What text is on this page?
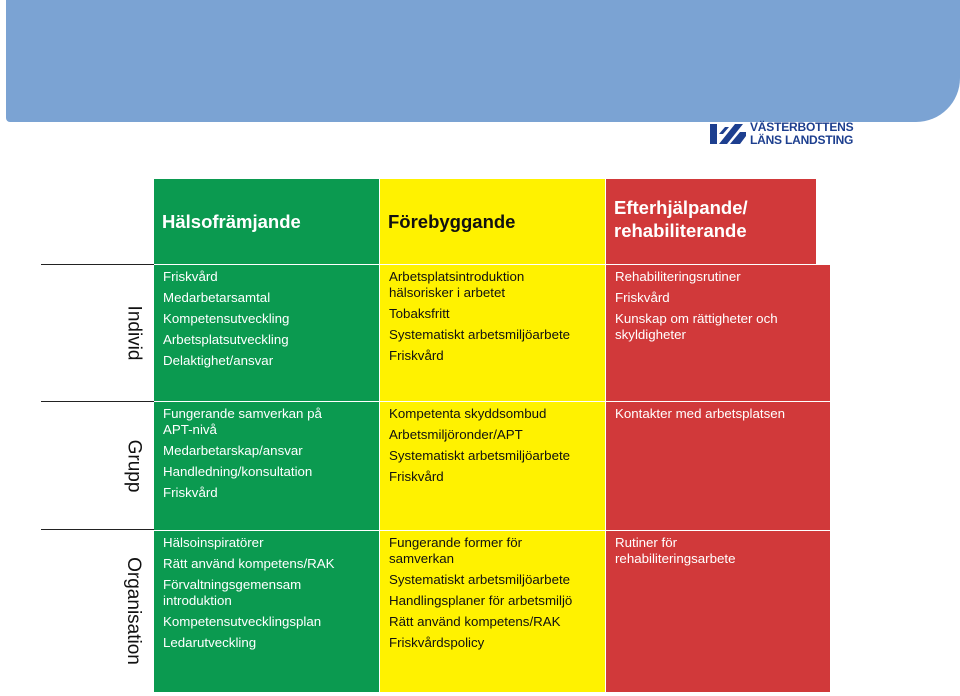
VÄSTERBOTTENS
LÄNS LANDSTING
Individ
Grupp
Organisation
Hälsofrämjande	Förebyggande
Efterhjälpande/ rehabiliterande
Friskvård
Medarbetarsamtal
Kompetensutveckling
Arbetsplatsutveckling
Delaktighet/ansvar
Arbetsplatsintroduktion hälsorisker i arbetet
Tobaksfritt
Systematiskt arbetsmiljöarbete
Friskvård
Rehabiliteringsrutiner
Friskvård
Kunskap om rättigheter och skyldigheter
Fungerande samverkan på APT-nivå
Medarbetarskap/ansvar
Handledning/konsultation
Friskvård
Kompetenta skyddsombud
Arbetsmiljöronder/APT
Systematiskt arbetsmiljöarbete
Friskvård
Kontakter med arbetsplatsen
Hälsoinspiratörer
Rätt använd kompetens/RAK
Förvaltningsgemensam introduktion
Kompetensutvecklingsplan
Ledarutveckling
Fungerande former för samverkan
Systematiskt arbetsmiljöarbete
Handlingsplaner för arbetsmiljö
Rätt använd kompetens/RAK
Friskvårdspolicy
Rutiner för rehabiliteringsarbete
